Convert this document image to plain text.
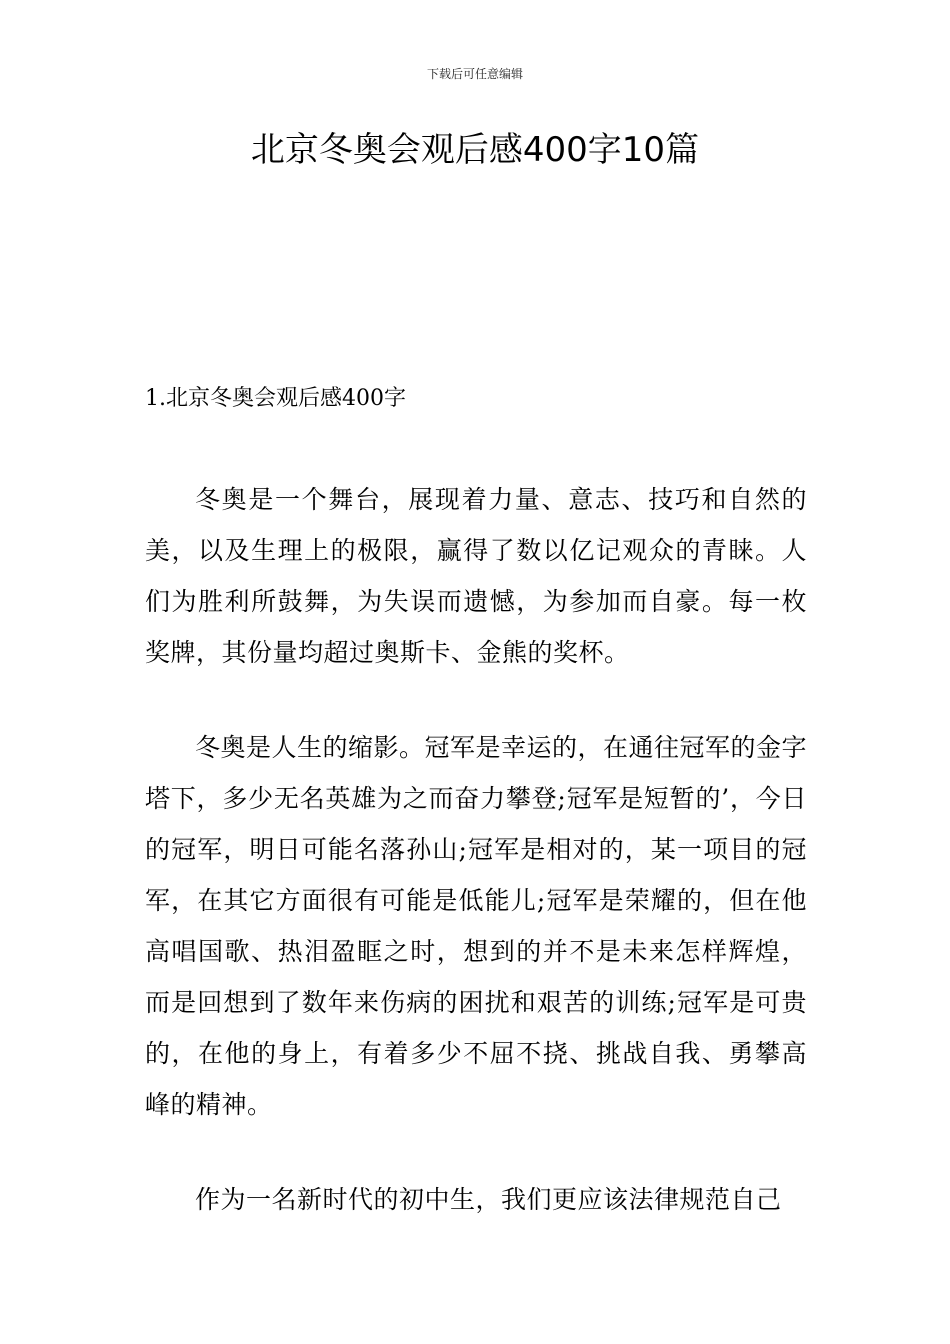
下载后可任意编辑
北京冬奥会观后感400字10篇
1.北京冬奥会观后感400字

冬奥是一个舞台，展现着力量、意志、技巧和自然的美，以及生理上的极限，赢得了数以亿记观众的青睐。人们为胜利所鼓舞，为失误而遗憾，为参加而自豪。每一枚奖牌，其份量均超过奥斯卡、金熊的奖杯。

冬奥是人生的缩影。冠军是幸运的，在通往冠军的金字塔下，多少无名英雄为之而奋力攀登;冠军是短暂的’，今日的冠军，明日可能名落孙山;冠军是相对的，某一项目的冠军，在其它方面很有可能是低能儿;冠军是荣耀的，但在他高唱国歌、热泪盈眶之时，想到的并不是未来怎样辉煌，而是回想到了数年来伤病的困扰和艰苦的训练;冠军是可贵的，在他的身上，有着多少不屈不挠、挑战自我、勇攀高峰的精神。

作为一名新时代的初中生，我们更应该法律规范自己
